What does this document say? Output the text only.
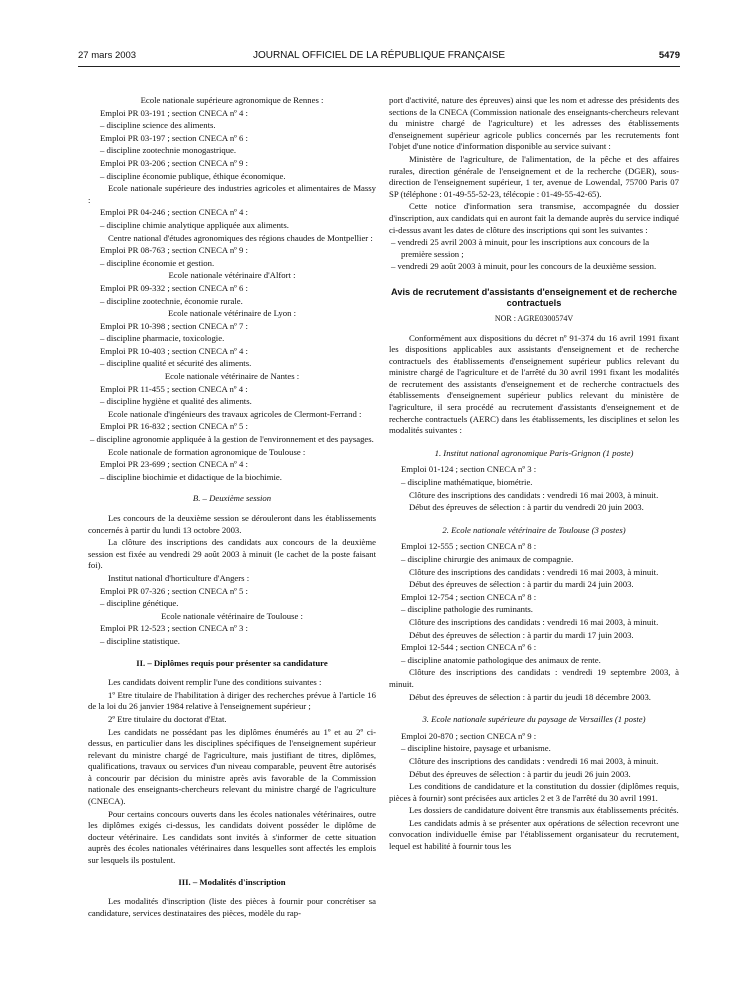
27 mars 2003	JOURNAL OFFICIEL DE LA RÉPUBLIQUE FRANÇAISE	5479

Ecole nationale supérieure agronomique de Rennes :

Emploi PR 03-191 ; section CNECA nº 4 :

– discipline science des aliments.

Emploi PR 03-197 ; section CNECA nº 6 :

– discipline zootechnie monogastrique.

Emploi PR 03-206 ; section CNECA nº 9 :

– discipline économie publique, éthique économique.

Ecole nationale supérieure des industries agricoles et alimentaires de Massy :

Emploi PR 04-246 ; section CNECA nº 4 :

– discipline chimie analytique appliquée aux aliments.

Centre national d'études agronomiques des régions chaudes de Montpellier :

Emploi PR 08-763 ; section CNECA nº 9 :

– discipline économie et gestion.

Ecole nationale vétérinaire d'Alfort :

Emploi PR 09-332 ; section CNECA nº 6 :

– discipline zootechnie, économie rurale.

Ecole nationale vétérinaire de Lyon :

Emploi PR 10-398 ; section CNECA nº 7 :

– discipline pharmacie, toxicologie.

Emploi PR 10-403 ; section CNECA nº 4 :

– discipline qualité et sécurité des aliments.

Ecole nationale vétérinaire de Nantes :

Emploi PR 11-455 ; section CNECA nº 4 :

– discipline hygiène et qualité des aliments.

Ecole nationale d'ingénieurs des travaux agricoles de Clermont-Ferrand :

Emploi PR 16-832 ; section CNECA nº 5 :

– discipline agronomie appliquée à la gestion de l'environnement et des paysages.

Ecole nationale de formation agronomique de Toulouse :

Emploi PR 23-699 ; section CNECA nº 4 :

– discipline biochimie et didactique de la biochimie.

B. – Deuxième session

Les concours de la deuxième session se dérouleront dans les établissements concernés à partir du lundi 13 octobre 2003.

La clôture des inscriptions des candidats aux concours de la deuxième session est fixée au vendredi 29 août 2003 à minuit (le cachet de la poste faisant foi).

Institut national d'horticulture d'Angers :

Emploi PR 07-326 ; section CNECA nº 5 :

– discipline génétique.

Ecole nationale vétérinaire de Toulouse :

Emploi PR 12-523 ; section CNECA nº 3 :

– discipline statistique.

II. – Diplômes requis pour présenter sa candidature

Les candidats doivent remplir l'une des conditions suivantes :

1º Etre titulaire de l'habilitation à diriger des recherches prévue à l'article 16 de la loi du 26 janvier 1984 relative à l'enseignement supérieur ;

2º Etre titulaire du doctorat d'Etat.

Les candidats ne possédant pas les diplômes énumérés au 1º et au 2º ci-dessus, en particulier dans les disciplines spécifiques de l'enseignement supérieur relevant du ministre chargé de l'agriculture, mais justifiant de titres, diplômes, qualifications, travaux ou services d'un niveau comparable, peuvent être autorisés à concourir par décision du ministre après avis favorable de la Commission nationale des enseignants-chercheurs relevant du ministre chargé de l'agriculture (CNECA).

Pour certains concours ouverts dans les écoles nationales vétérinaires, outre les diplômes exigés ci-dessus, les candidats doivent posséder le diplôme de docteur vétérinaire. Les candidats sont invités à s'informer de cette situation auprès des écoles nationales vétérinaires dans lesquelles sont affectés les emplois sur lesquels ils postulent.

III. – Modalités d'inscription

Les modalités d'inscription (liste des pièces à fournir pour concrétiser sa candidature, services destinataires des pièces, modèle du rap-

port d'activité, nature des épreuves) ainsi que les nom et adresse des présidents des sections de la CNECA (Commission nationale des enseignants-chercheurs relevant du ministre chargé de l'agriculture) et les adresses des établissements d'enseignement supérieur agricole publics concernés par les recrutements font l'objet d'une notice d'information disponible au service suivant :

Ministère de l'agriculture, de l'alimentation, de la pêche et des affaires rurales, direction générale de l'enseignement et de la recherche (DGER), sous-direction de l'enseignement supérieur, 1 ter, avenue de Lowendal, 75700 Paris 07 SP (téléphone : 01-49-55-52-23, télécopie : 01-49-55-42-65).

Cette notice d'information sera transmise, accompagnée du dossier d'inscription, aux candidats qui en auront fait la demande auprès du service indiqué ci-dessus avant les dates de clôture des inscriptions qui sont les suivantes :

– vendredi 25 avril 2003 à minuit, pour les inscriptions aux concours de la première session ;

– vendredi 29 août 2003 à minuit, pour les concours de la deuxième session.

Avis de recrutement d'assistants d'enseignement et de recherche contractuels

NOR : AGRE0300574V

Conformément aux dispositions du décret nº 91-374 du 16 avril 1991 fixant les dispositions applicables aux assistants d'enseignement et de recherche contractuels des établissements d'enseignement supérieur publics relevant du ministre chargé de l'agriculture et de l'arrêté du 30 avril 1991 fixant les modalités de recrutement des assistants d'enseignement et de recherche contractuels des établissements d'enseignement supérieur publics relevant du ministère de l'agriculture, il sera procédé au recrutement d'assistants d'enseignement et de recherche contractuels (AERC) dans les établissements, les disciplines et selon les modalités suivantes :

1. Institut national agronomique Paris-Grignon (1 poste)

Emploi 01-124 ; section CNECA nº 3 :

– discipline mathématique, biométrie.

Clôture des inscriptions des candidats : vendredi 16 mai 2003, à minuit.

Début des épreuves de sélection : à partir du vendredi 20 juin 2003.

2. Ecole nationale vétérinaire de Toulouse (3 postes)

Emploi 12-555 ; section CNECA nº 8 :

– discipline chirurgie des animaux de compagnie.

Clôture des inscriptions des candidats : vendredi 16 mai 2003, à minuit.

Début des épreuves de sélection : à partir du mardi 24 juin 2003.

Emploi 12-754 ; section CNECA nº 8 :

– discipline pathologie des ruminants.

Clôture des inscriptions des candidats : vendredi 16 mai 2003, à minuit.

Début des épreuves de sélection : à partir du mardi 17 juin 2003.

Emploi 12-544 ; section CNECA nº 6 :

– discipline anatomie pathologique des animaux de rente.

Clôture des inscriptions des candidats : vendredi 19 septembre 2003, à minuit.

Début des épreuves de sélection : à partir du jeudi 18 décembre 2003.

3. Ecole nationale supérieure du paysage de Versailles (1 poste)

Emploi 20-870 ; section CNECA nº 9 :

– discipline histoire, paysage et urbanisme.

Clôture des inscriptions des candidats : vendredi 16 mai 2003, à minuit.

Début des épreuves de sélection : à partir du jeudi 26 juin 2003.

Les conditions de candidature et la constitution du dossier (diplômes requis, pièces à fournir) sont précisées aux articles 2 et 3 de l'arrêté du 30 avril 1991.

Les dossiers de candidature doivent être transmis aux établissements précités.

Les candidats admis à se présenter aux opérations de sélection recevront une convocation individuelle émise par l'établissement organisateur du recrutement, lequel est habilité à fournir tous les
